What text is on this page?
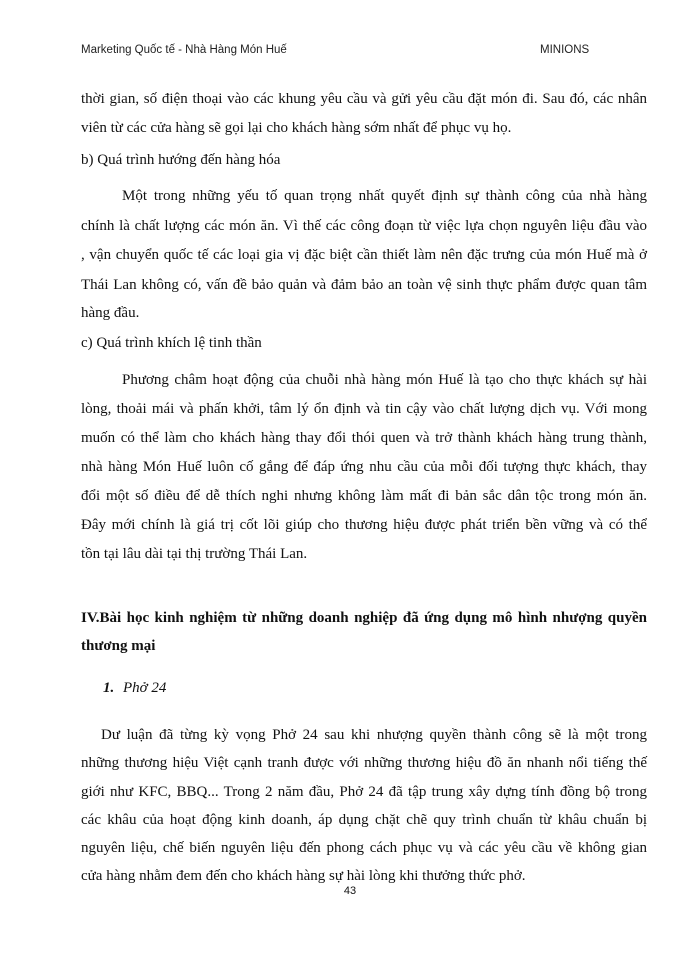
Marketing Quốc tế - Nhà Hàng Món Huế	MINIONS
thời gian, số điện thoại vào các khung yêu cầu và gửi yêu cầu đặt món đi. Sau đó, các nhân
viên từ các cửa hàng sẽ gọi lại cho khách hàng sớm nhất để phục vụ họ.
b) Quá trình hướng đến hàng hóa
Một trong những yếu tố quan trọng nhất quyết định sự thành công của nhà hàng
chính là chất lượng các món ăn. Vì thế các công đoạn từ việc lựa chọn nguyên liệu đầu vào
, vận chuyển quốc tế các loại gia vị đặc biệt cần thiết làm nên đặc trưng của món Huế mà ở
Thái Lan không có, vấn đề bảo quản và đảm bảo an toàn vệ sinh thực phẩm được quan tâm
hàng đầu.
c) Quá trình khích lệ tinh thần
Phương châm hoạt động của chuỗi nhà hàng món Huế là tạo cho thực khách sự hài
lòng, thoải mái và phấn khởi, tâm lý ổn định và tin cậy vào chất lượng dịch vụ. Với mong
muốn có thể làm cho khách hàng thay đổi thói quen và trở thành khách hàng trung thành,
nhà hàng Món Huế luôn cố gắng để đáp ứng nhu cầu của mỗi đối tượng thực khách, thay
đổi một số điều để dễ thích nghi nhưng không làm mất đi bản sắc dân tộc trong món ăn.
Đây mới chính là giá trị cốt lõi giúp cho thương hiệu được phát triển bền vững và có thể
tồn tại lâu dài tại thị trường Thái Lan.
IV.Bài học kinh nghiệm từ những doanh nghiệp đã ứng dụng mô hình nhượng quyền
thương mại
1. Phở 24
Dư luận đã từng kỳ vọng Phở 24 sau khi nhượng quyền thành công sẽ là một trong
những thương hiệu Việt cạnh tranh được với những thương hiệu đồ ăn nhanh nổi tiếng thế
giới như KFC, BBQ... Trong 2 năm đầu, Phở 24 đã tập trung xây dựng tính đồng bộ trong
các khâu của hoạt động kinh doanh, áp dụng chặt chẽ quy trình chuẩn từ khâu chuẩn bị
nguyên liệu, chế biến nguyên liệu đến phong cách phục vụ và các yêu cầu về không gian
cửa hàng nhằm đem đến cho khách hàng sự hài lòng khi thưởng thức phở.
43
